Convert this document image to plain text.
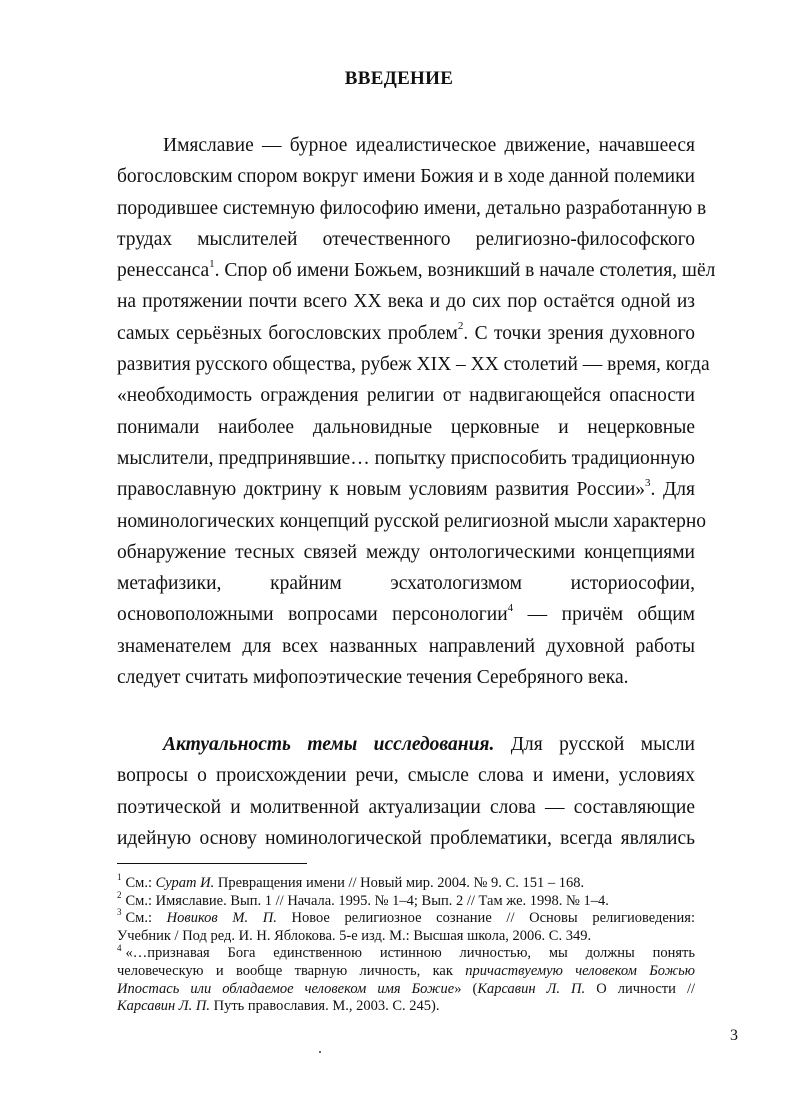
ВВЕДЕНИЕ
Имяславие — бурное идеалистическое движение, начавшееся
богословским спором вокруг имени Божия и в ходе данной полемики
породившее системную философию имени, детально разработанную в
трудах мыслителей отечественного религиозно-философского
ренессанса$^1$. Спор об имени Божьем, возникший в начале столетия, шёл
на протяжении почти всего XX века и до сих пор остаётся одной из
самых серьёзных богословских проблем$^2$. С точки зрения духовного
развития русского общества, рубеж XIX – XX столетий — время, когда
«необходимость ограждения религии от надвигающейся опасности
понимали наиболее дальновидные церковные и нецерковные
мыслители, предпринявшие… попытку приспособить традиционную
православную доктрину к новым условиям развития России»$^3$. Для
номинологических концепций русской религиозной мысли характерно
обнаружение тесных связей между онтологическими концепциями
метафизики, крайним эсхатологизмом историософии,
основоположными вопросами персонологии$^4$ — причём общим
знаменателем для всех названных направлений духовной работы
следует считать мифопоэтические течения Серебряного века.
Актуальность темы исследования. Для русской мысли
вопросы о происхождении речи, смысле слова и имени, условиях
поэтической и молитвенной актуализации слова — составляющие
идейную основу номинологической проблематики, всегда являлись
$^1$ См.: Сурат И. Превращения имени // Новый мир. 2004. № 9. С. 151 – 168.
$^2$ См.: Имяславие. Вып. 1 // Начала. 1995. № 1–4; Вып. 2 // Там же. 1998. № 1–4.
$^3$ См.: Новиков М. П. Новое религиозное сознание // Основы религиоведения:
Учебник / Под ред. И. Н. Яблокова. 5-е изд. М.: Высшая школа, 2006. С. 349.
$^4$ «…признавая Бога единственною истинною личностью, мы должны понять
человеческую и вообще тварную личность, как причаствуемую человеком Божью
Ипостась или обладаемое человеком имя Божие» (Карсавин Л. П. О личности //
Карсавин Л. П. Путь православия. М., 2003. С. 245).
3
